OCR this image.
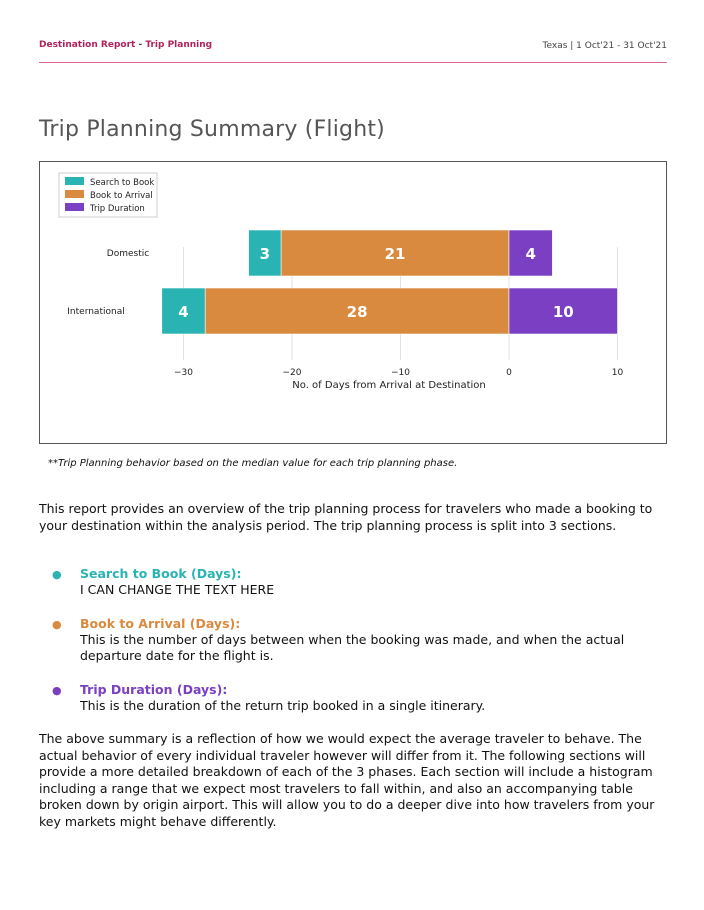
Destination Report - Trip Planning	Texas | 1 Oct'21 - 31 Oct'21
Trip Planning Summary (Flight)
3	21	4
Domestic
4	28	10
International
−30	−20	−10	0	10
No. of Days from Arrival at Destination
Search to Book
Book to Arrival
Trip Duration
**Trip Planning behavior based on the median value for each trip planning phase.

This report provides an overview of the trip planning process for travelers who made a booking to your destination within the analysis period. The trip planning process is split into 3 sections.

● Search to Book (Days):
I CAN CHANGE THE TEXT HERE
● Book to Arrival (Days):
This is the number of days between when the booking was made, and when the actual departure date for the flight is.
● Trip Duration (Days):
This is the duration of the return trip booked in a single itinerary.

The above summary is a reflection of how we would expect the average traveler to behave. The actual behavior of every individual traveler however will differ from it. The following sections will provide a more detailed breakdown of each of the 3 phases. Each section will include a histogram including a range that we expect most travelers to fall within, and also an accompanying table broken down by origin airport. This will allow you to do a deeper dive into how travelers from your key markets might behave differently.
